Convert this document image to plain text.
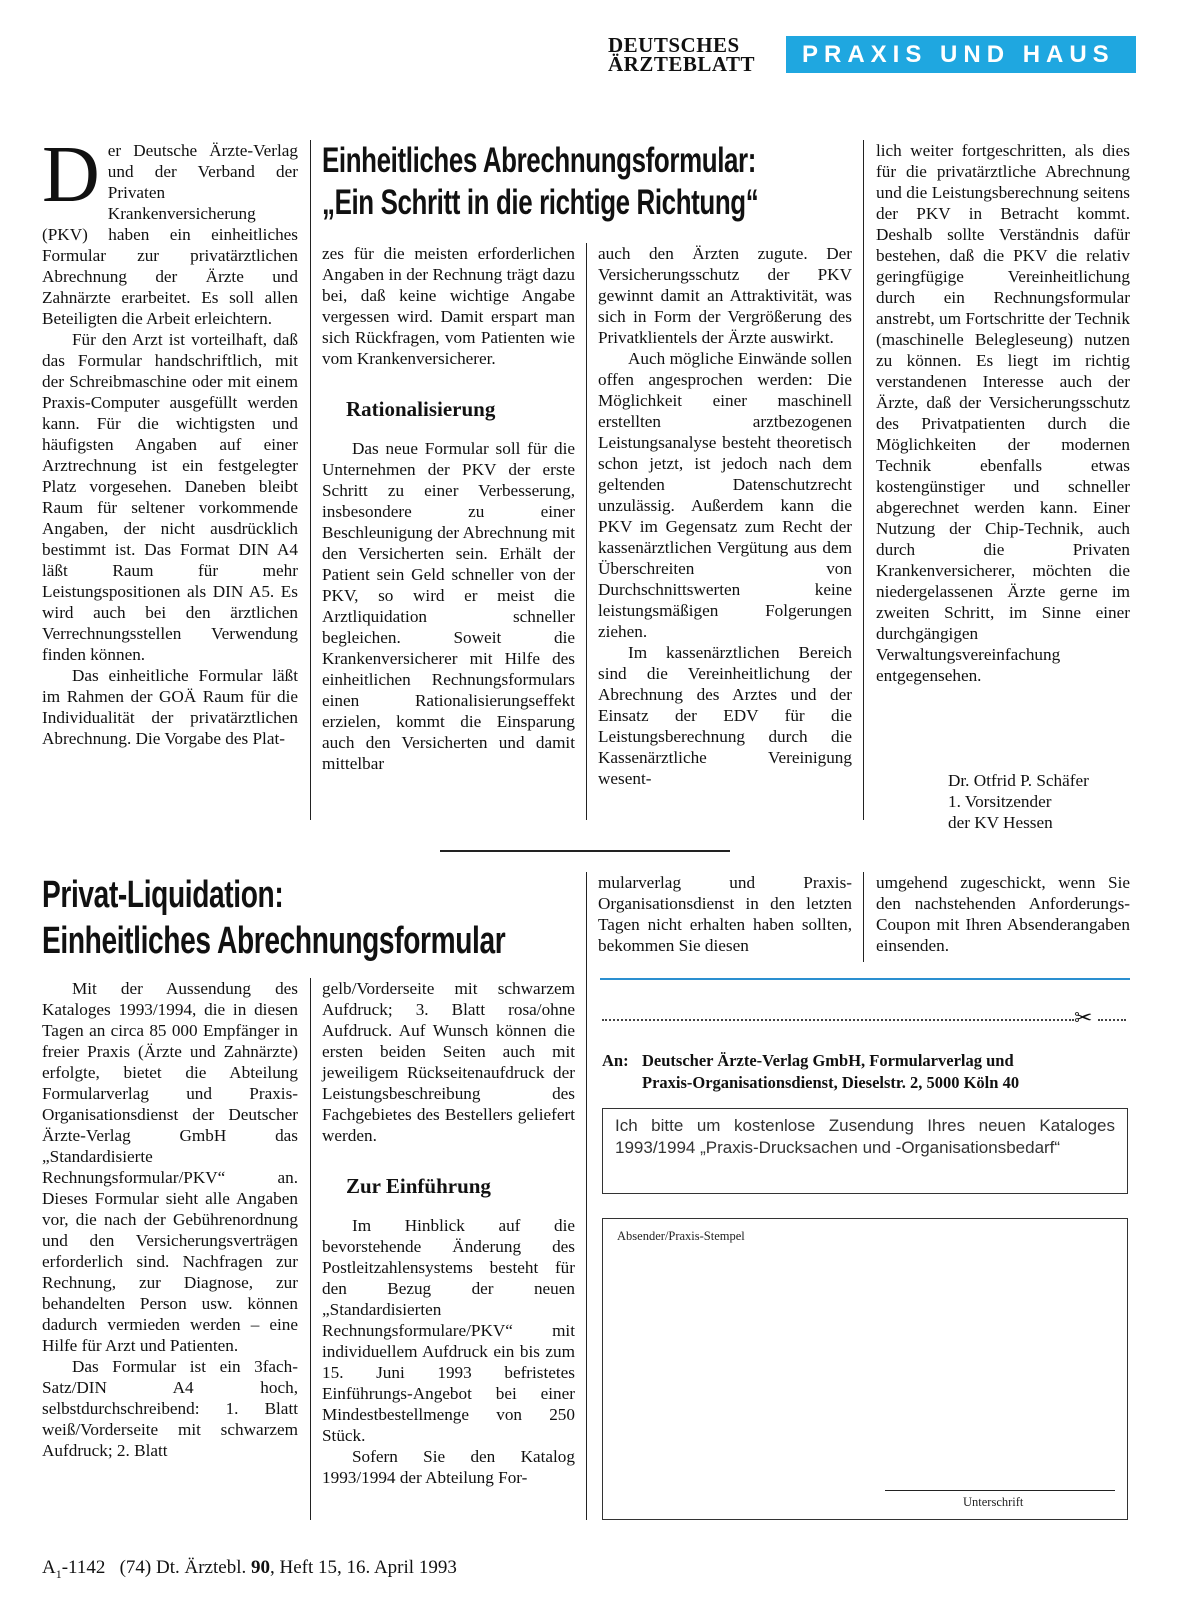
DEUTSCHES
ÄRZTEBLATT	PRAXIS UND HAUS

Der Deutsche Ärzte-Verlag und der Verband der Privaten Krankenversicherung (PKV) haben ein einheitliches Formular zur privatärztlichen Abrechnung der Ärzte und Zahnärzte erarbeitet. Es soll allen Beteiligten die Arbeit erleichtern.

Für den Arzt ist vorteilhaft, daß das Formular handschriftlich, mit der Schreibmaschine oder mit einem Praxis-Computer ausgefüllt werden kann. Für die wichtigsten und häufigsten Angaben auf einer Arztrechnung ist ein festgelegter Platz vorgesehen. Daneben bleibt Raum für seltener vorkommende Angaben, der nicht ausdrücklich bestimmt ist. Das Format DIN A4 läßt Raum für mehr Leistungspositionen als DIN A5. Es wird auch bei den ärztlichen Verrechnungsstellen Verwendung finden können.

Das einheitliche Formular läßt im Rahmen der GOÄ Raum für die Individualität der privatärztlichen Abrechnung. Die Vorgabe des Plat-

Einheitliches Abrechnungsformular:
„Ein Schritt in die richtige Richtung“

zes für die meisten erforderlichen Angaben in der Rechnung trägt dazu bei, daß keine wichtige Angabe vergessen wird. Damit erspart man sich Rückfragen, vom Patienten wie vom Krankenversicherer.

Rationalisierung

Das neue Formular soll für die Unternehmen der PKV der erste Schritt zu einer Verbesserung, insbesondere zu einer Beschleunigung der Abrechnung mit den Versicherten sein. Erhält der Patient sein Geld schneller von der PKV, so wird er meist die Arztliquidation schneller begleichen. Soweit die Krankenversicherer mit Hilfe des einheitlichen Rechnungsformulars einen Rationalisierungseffekt erzielen, kommt die Einsparung auch den Versicherten und damit mittelbar

auch den Ärzten zugute. Der Versicherungsschutz der PKV gewinnt damit an Attraktivität, was sich in Form der Vergrößerung des Privatklientels der Ärzte auswirkt.

Auch mögliche Einwände sollen offen angesprochen werden: Die Möglichkeit einer maschinell erstellten arztbezogenen Leistungsanalyse besteht theoretisch schon jetzt, ist jedoch nach dem geltenden Datenschutzrecht unzulässig. Außerdem kann die PKV im Gegensatz zum Recht der kassenärztlichen Vergütung aus dem Überschreiten von Durchschnittswerten keine leistungsmäßigen Folgerungen ziehen.

Im kassenärztlichen Bereich sind die Vereinheitlichung der Abrechnung des Arztes und der Einsatz der EDV für die Leistungsberechnung durch die Kassenärztliche Vereinigung wesent-

lich weiter fortgeschritten, als dies für die privatärztliche Abrechnung und die Leistungsberechnung seitens der PKV in Betracht kommt. Deshalb sollte Verständnis dafür bestehen, daß die PKV die relativ geringfügige Vereinheitlichung durch ein Rechnungsformular anstrebt, um Fortschritte der Technik (maschinelle Belegleseung) nutzen zu können. Es liegt im richtig verstandenen Interesse auch der Ärzte, daß der Versicherungsschutz des Privatpatienten durch die Möglichkeiten der modernen Technik ebenfalls etwas kostengünstiger und schneller abgerechnet werden kann. Einer Nutzung der Chip-Technik, auch durch die Privaten Krankenversicherer, möchten die niedergelassenen Ärzte gerne im zweiten Schritt, im Sinne einer durchgängigen Verwaltungsvereinfachung entgegensehen.

Dr. Otfrid P. Schäfer
1. Vorsitzender
der KV Hessen
Privat-Liquidation:
Einheitliches Abrechnungsformular

Mit der Aussendung des Kataloges 1993/1994, die in diesen Tagen an circa 85 000 Empfänger in freier Praxis (Ärzte und Zahnärzte) erfolgte, bietet die Abteilung Formularverlag und Praxis-Organisationsdienst der Deutscher Ärzte-Verlag GmbH das „Standardisierte Rechnungsformular/PKV“ an. Dieses Formular sieht alle Angaben vor, die nach der Gebührenordnung und den Versicherungsverträgen erforderlich sind. Nachfragen zur Rechnung, zur Diagnose, zur behandelten Person usw. können dadurch vermieden werden – eine Hilfe für Arzt und Patienten.

Das Formular ist ein 3fach-Satz/DIN A4 hoch, selbstdurchschreibend: 1. Blatt weiß/Vorderseite mit schwarzem Aufdruck; 2. Blatt

gelb/Vorderseite mit schwarzem Aufdruck; 3. Blatt rosa/ohne Aufdruck. Auf Wunsch können die ersten beiden Seiten auch mit jeweiligem Rückseitenaufdruck der Leistungsbeschreibung des Fachgebietes des Bestellers geliefert werden.

Zur Einführung

Im Hinblick auf die bevorstehende Änderung des Postleitzahlensystems besteht für den Bezug der neuen „Standardisierten Rechnungsformulare/PKV“ mit individuellem Aufdruck ein bis zum 15. Juni 1993 befristetes Einführungs-Angebot bei einer Mindestbestellmenge von 250 Stück.

Sofern Sie den Katalog 1993/1994 der Abteilung For-

mularverlag und Praxis-Organisationsdienst in den letzten Tagen nicht erhalten haben sollten, bekommen Sie diesen

umgehend zugeschickt, wenn Sie den nachstehenden Anforderungs-Coupon mit Ihren Absenderangaben einsenden.

✂
An: Deutscher Ärzte-Verlag GmbH, Formularverlag und
Praxis-Organisationsdienst, Dieselstr. 2, 5000 Köln 40
Ich bitte um kostenlose Zusendung Ihres neuen Kataloges 1993/1994 „Praxis-Drucksachen und -Organisationsbedarf“
Absender/Praxis-Stempel
Unterschrift
$A_1-1142$ (74) Dt. Ärztebl. 90, Heft 15, 16. April 1993
